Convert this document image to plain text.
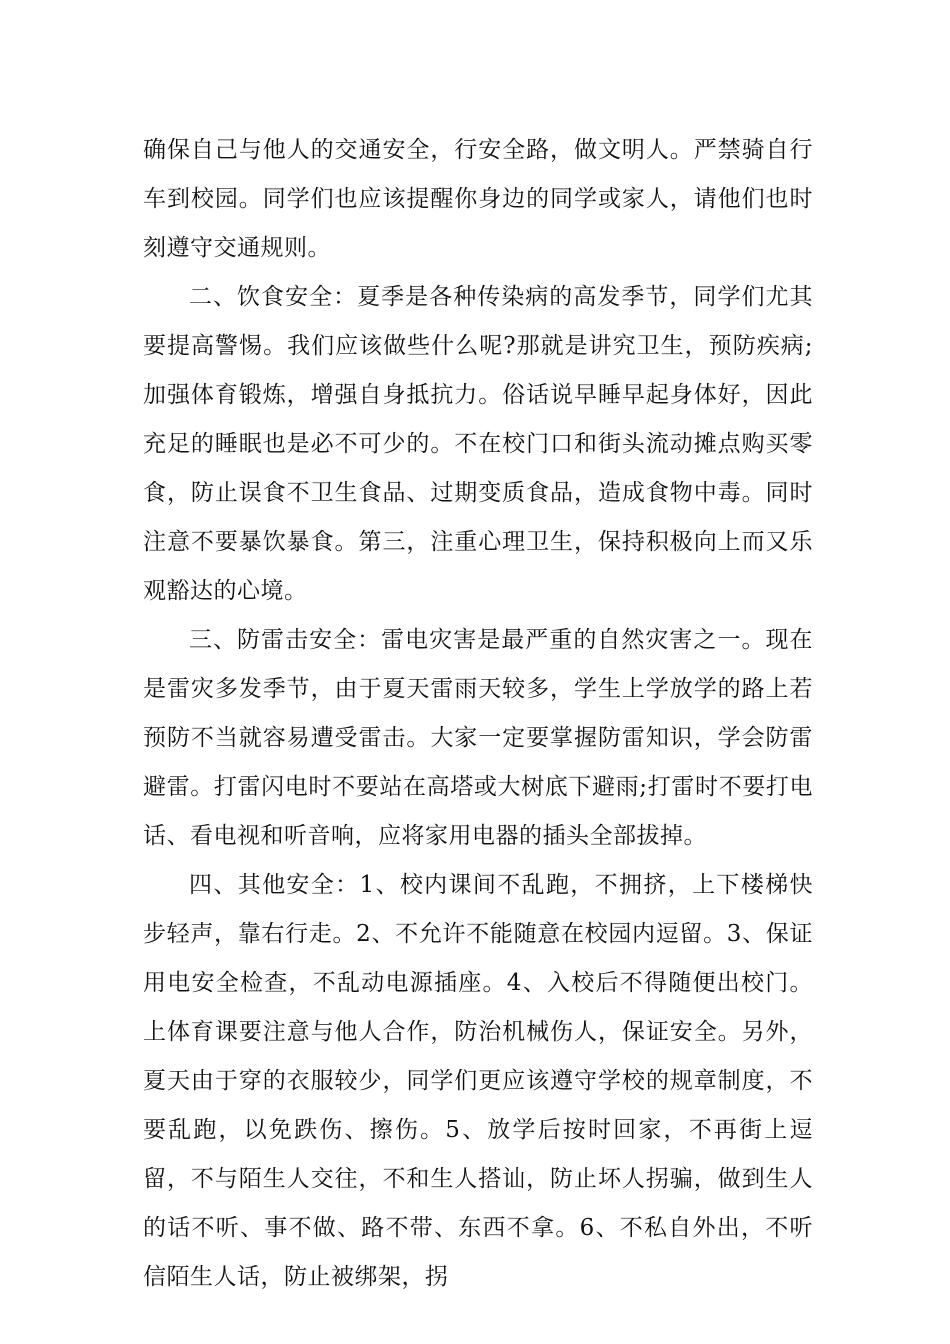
确保自己与他人的交通安全，行安全路，做文明人。严禁骑自行车到校园。同学们也应该提醒你身边的同学或家人，请他们也时刻遵守交通规则。

二、饮食安全：夏季是各种传染病的高发季节，同学们尤其要提高警惕。我们应该做些什么呢?那就是讲究卫生，预防疾病;加强体育锻炼，增强自身抵抗力。俗话说早睡早起身体好，因此充足的睡眠也是必不可少的。不在校门口和街头流动摊点购买零食，防止误食不卫生食品、过期变质食品，造成食物中毒。同时注意不要暴饮暴食。第三，注重心理卫生，保持积极向上而又乐观豁达的心境。

三、防雷击安全：雷电灾害是最严重的自然灾害之一。现在是雷灾多发季节，由于夏天雷雨天较多，学生上学放学的路上若预防不当就容易遭受雷击。大家一定要掌握防雷知识，学会防雷避雷。打雷闪电时不要站在高塔或大树底下避雨;打雷时不要打电话、看电视和听音响，应将家用电器的插头全部拔掉。

四、其他安全：1、校内课间不乱跑，不拥挤，上下楼梯快步轻声，靠右行走。2、不允许不能随意在校园内逗留。3、保证用电安全检查，不乱动电源插座。4、入校后不得随便出校门。上体育课要注意与他人合作，防治机械伤人，保证安全。另外，夏天由于穿的衣服较少，同学们更应该遵守学校的规章制度，不要乱跑，以免跌伤、擦伤。5、放学后按时回家，不再街上逗留，不与陌生人交往，不和生人搭讪，防止坏人拐骗，做到生人的话不听、事不做、路不带、东西不拿。6、不私自外出，不听信陌生人话，防止被绑架，拐
